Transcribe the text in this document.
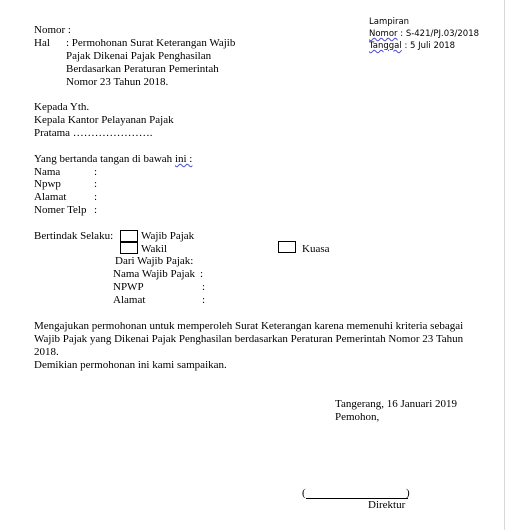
Lampiran
Nomor : S-421/PJ.03/2018
Tanggal : 5 Juli 2018
Nomor :
Hal : Permohonan Surat Keterangan Wajib
Pajak Dikenai Pajak Penghasilan
Berdasarkan Peraturan Pemerintah
Nomor 23 Tahun 2018.
Kepada Yth.
Kepala Kantor Pelayanan Pajak
Pratama ………………….
Yang bertanda tangan di bawah ini :
Nama	:
Npwp	:
Alamat	:
Nomer Telp :
Bertindak Selaku:	Wajib Pajak
Wakil	Kuasa
Dari Wajib Pajak:
Nama Wajib Pajak :
NPWP	:
Alamat	:
Mengajukan permohonan untuk memperoleh Surat Keterangan karena memenuhi kriteria sebagai
Wajib Pajak yang Dikenai Pajak Penghasilan berdasarkan Peraturan Pemerintah Nomor 23 Tahun
2018.
Demikian permohonan ini kami sampaikan.
Tangerang, 16 Januari 2019
Pemohon,
(	)
Direktur
